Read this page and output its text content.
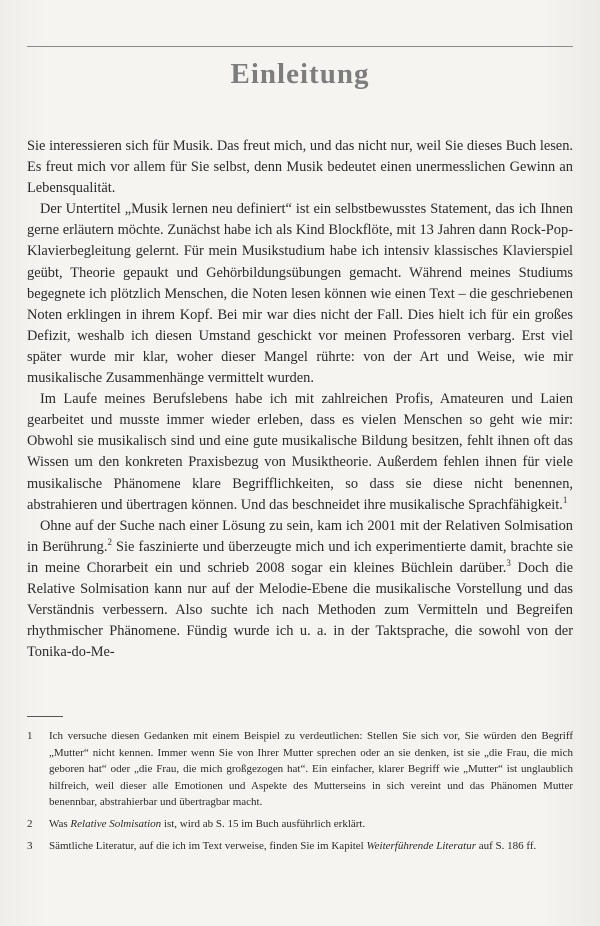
Einleitung

Sie interessieren sich für Musik. Das freut mich, und das nicht nur, weil Sie dieses Buch lesen. Es freut mich vor allem für Sie selbst, denn Musik bedeutet einen unermesslichen Gewinn an Lebensqualität.

Der Untertitel „Musik lernen neu definiert“ ist ein selbstbewusstes Statement, das ich Ihnen gerne erläutern möchte. Zunächst habe ich als Kind Blockflöte, mit 13 Jahren dann Rock-Pop-Klavierbegleitung gelernt. Für mein Musikstudium habe ich intensiv klassisches Klavierspiel geübt, Theorie gepaukt und Gehörbildungsübungen gemacht. Während meines Studiums begegnete ich plötzlich Menschen, die Noten lesen können wie einen Text – die geschriebenen Noten erklingen in ihrem Kopf. Bei mir war dies nicht der Fall. Dies hielt ich für ein großes Defizit, weshalb ich diesen Umstand geschickt vor meinen Professoren verbarg. Erst viel später wurde mir klar, woher dieser Mangel rührte: von der Art und Weise, wie mir musikalische Zusammenhänge vermittelt wurden.

Im Laufe meines Berufslebens habe ich mit zahlreichen Profis, Amateuren und Laien gearbeitet und musste immer wieder erleben, dass es vielen Menschen so geht wie mir: Obwohl sie musikalisch sind und eine gute musikalische Bildung besitzen, fehlt ihnen oft das Wissen um den konkreten Praxisbezug von Musiktheorie. Außerdem fehlen ihnen für viele musikalische Phänomene klare Begrifflichkeiten, so dass sie diese nicht benennen, abstrahieren und übertragen können. Und das beschneidet ihre musikalische Sprachfähigkeit.$^1$

Ohne auf der Suche nach einer Lösung zu sein, kam ich 2001 mit der Relativen Solmisation in Berührung.$^2$ Sie faszinierte und überzeugte mich und ich experimentierte damit, brachte sie in meine Chorarbeit ein und schrieb 2008 sogar ein kleines Büchlein darüber.$^3$ Doch die Relative Solmisation kann nur auf der Melodie-Ebene die musikalische Vorstellung und das Verständnis verbessern. Also suchte ich nach Methoden zum Vermitteln und Begreifen rhythmischer Phänomene. Fündig wurde ich u. a. in der Taktsprache, die sowohl von der Tonika-do-Me-

1	Ich versuche diesen Gedanken mit einem Beispiel zu verdeutlichen: Stellen Sie sich vor, Sie würden den Begriff „Mutter“ nicht kennen. Immer wenn Sie von Ihrer Mutter sprechen oder an sie denken, ist sie „die Frau, die mich geboren hat“ oder „die Frau, die mich großgezogen hat“. Ein einfacher, klarer Begriff wie „Mutter“ ist unglaublich hilfreich, weil dieser alle Emotionen und Aspekte des Mutterseins in sich vereint und das Phänomen Mutter benennbar, abstrahierbar und übertragbar macht.
2	Was Relative Solmisation ist, wird ab S. 15 im Buch ausführlich erklärt.
3	Sämtliche Literatur, auf die ich im Text verweise, finden Sie im Kapitel Weiterführende Literatur auf S. 186 ff.
